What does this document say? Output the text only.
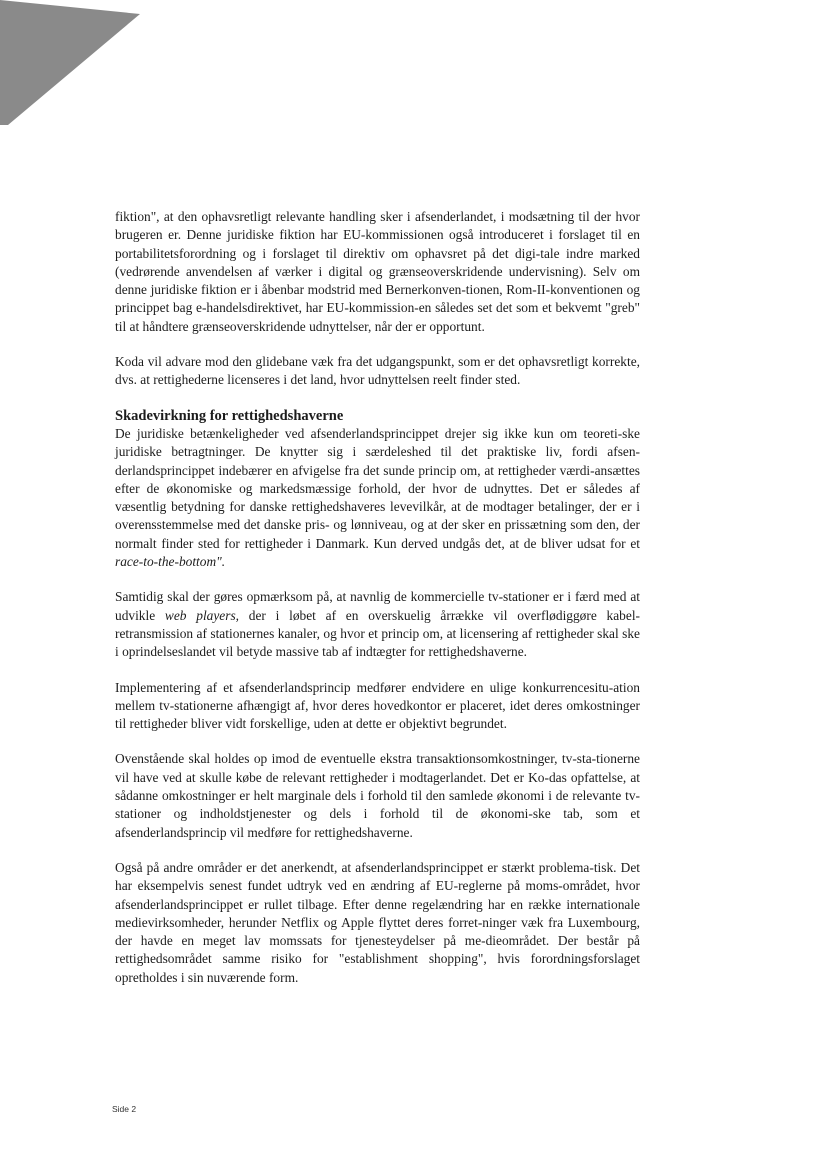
fiktion", at den ophavsretligt relevante handling sker i afsenderlandet, i modsætning til der hvor brugeren er. Denne juridiske fiktion har EU-kommissionen også introduceret i forslaget til en portabilitetsforordning og i forslaget til direktiv om ophavsret på det digi-tale indre marked (vedrørende anvendelsen af værker i digital og grænseoverskridende undervisning). Selv om denne juridiske fiktion er i åbenbar modstrid med Bernerkonven-tionen, Rom-II-konventionen og princippet bag e-handelsdirektivet, har EU-kommission-en således set det som et bekvemt "greb" til at håndtere grænseoverskridende udnyttelser, når der er opportunt.

Koda vil advare mod den glidebane væk fra det udgangspunkt, som er det ophavsretligt korrekte, dvs. at rettighederne licenseres i det land, hvor udnyttelsen reelt finder sted.

Skadevirkning for rettighedshaverne

De juridiske betænkeligheder ved afsenderlandsprincippet drejer sig ikke kun om teoreti-ske juridiske betragtninger. De knytter sig i særdeleshed til det praktiske liv, fordi afsen-derlandsprincippet indebærer en afvigelse fra det sunde princip om, at rettigheder værdi-ansættes efter de økonomiske og markedsmæssige forhold, der hvor de udnyttes. Det er således af væsentlig betydning for danske rettighedshaveres levevilkår, at de modtager betalinger, der er i overensstemmelse med det danske pris- og lønniveau, og at der sker en prissætning som den, der normalt finder sted for rettigheder i Danmark. Kun derved undgås det, at de bliver udsat for et race-to-the-bottom".

Samtidig skal der gøres opmærksom på, at navnlig de kommercielle tv-stationer er i færd med at udvikle web players, der i løbet af en overskuelig årrække vil overflødiggøre kabel-retransmission af stationernes kanaler, og hvor et princip om, at licensering af rettigheder skal ske i oprindelseslandet vil betyde massive tab af indtægter for rettighedshaverne.

Implementering af et afsenderlandsprincip medfører endvidere en ulige konkurrencesitu-ation mellem tv-stationerne afhængigt af, hvor deres hovedkontor er placeret, idet deres omkostninger til rettigheder bliver vidt forskellige, uden at dette er objektivt begrundet.

Ovenstående skal holdes op imod de eventuelle ekstra transaktionsomkostninger, tv-sta-tionerne vil have ved at skulle købe de relevant rettigheder i modtagerlandet. Det er Ko-das opfattelse, at sådanne omkostninger er helt marginale dels i forhold til den samlede økonomi i de relevante tv-stationer og indholdstjenester og dels i forhold til de økonomi-ske tab, som et afsenderlandsprincip vil medføre for rettighedshaverne.

Også på andre områder er det anerkendt, at afsenderlandsprincippet er stærkt problema-tisk. Det har eksempelvis senest fundet udtryk ved en ændring af EU-reglerne på moms-området, hvor afsenderlandsprincippet er rullet tilbage. Efter denne regelændring har en række internationale medievirksomheder, herunder Netflix og Apple flyttet deres forret-ninger væk fra Luxembourg, der havde en meget lav momssats for tjenesteydelser på me-dieområdet. Der består på rettighedsområdet samme risiko for "establishment shopping", hvis forordningsforslaget opretholdes i sin nuværende form.

Side 2
